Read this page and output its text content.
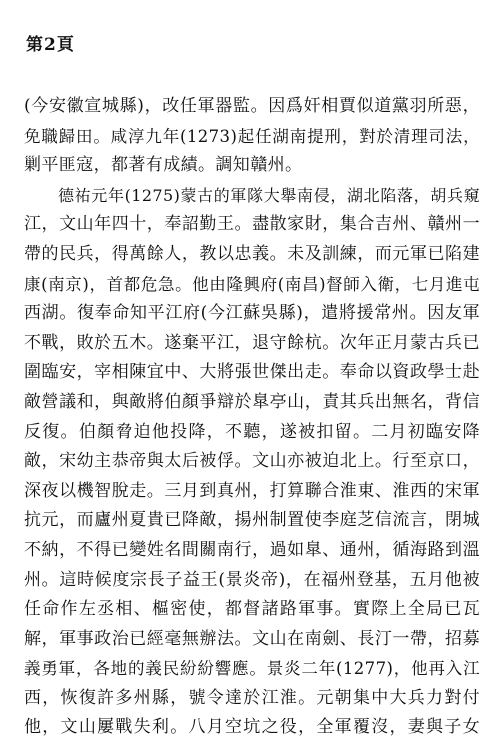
第2頁
(今安徽宣城縣)，改任軍器監。因爲奸相賈似道黨羽所惡，
免職歸田。咸淳九年(1273)起任湖南提刑，對於清理司法，
剿平匪寇，都著有成績。調知贛州。
德祐元年(1275)蒙古的軍隊大舉南侵，湖北陷落，胡兵窺
江，文山年四十，奉詔勤王。盡散家財，集合吉州、贛州一
帶的民兵，得萬餘人，教以忠義。未及訓練，而元軍已陷建
康(南京)，首都危急。他由隆興府(南昌)督師入衛，七月進屯
西湖。復奉命知平江府(今江蘇吳縣)，遣將援常州。因友軍
不戰，敗於五木。遂棄平江，退守餘杭。次年正月蒙古兵已
圍臨安，宰相陳宜中、大將張世傑出走。奉命以資政學士赴
敵營議和，與敵將伯顏爭辯於臯亭山，責其兵出無名，背信
反復。伯顏脅迫他投降，不聽，遂被扣留。二月初臨安降
敵，宋幼主恭帝與太后被俘。文山亦被迫北上。行至京口，
深夜以機智脫走。三月到真州，打算聯合淮東、淮西的宋軍
抗元，而廬州夏貴已降敵，揚州制置使李庭芝信流言，閉城
不納，不得已變姓名間關南行，過如臯、通州，循海路到溫
州。這時候度宗長子益王(景炎帝)，在福州登基，五月他被
任命作左丞相、樞密使，都督諸路軍事。實際上全局已瓦
解，軍事政治已經毫無辦法。文山在南劍、長汀一帶，招募
義勇軍，各地的義民紛紛響應。景炎二年(1277)，他再入江
西，恢復許多州縣，號令達於江淮。元朝集中大兵力對付
他，文山屢戰失利。八月空坑之役，全軍覆沒，妻與子女
